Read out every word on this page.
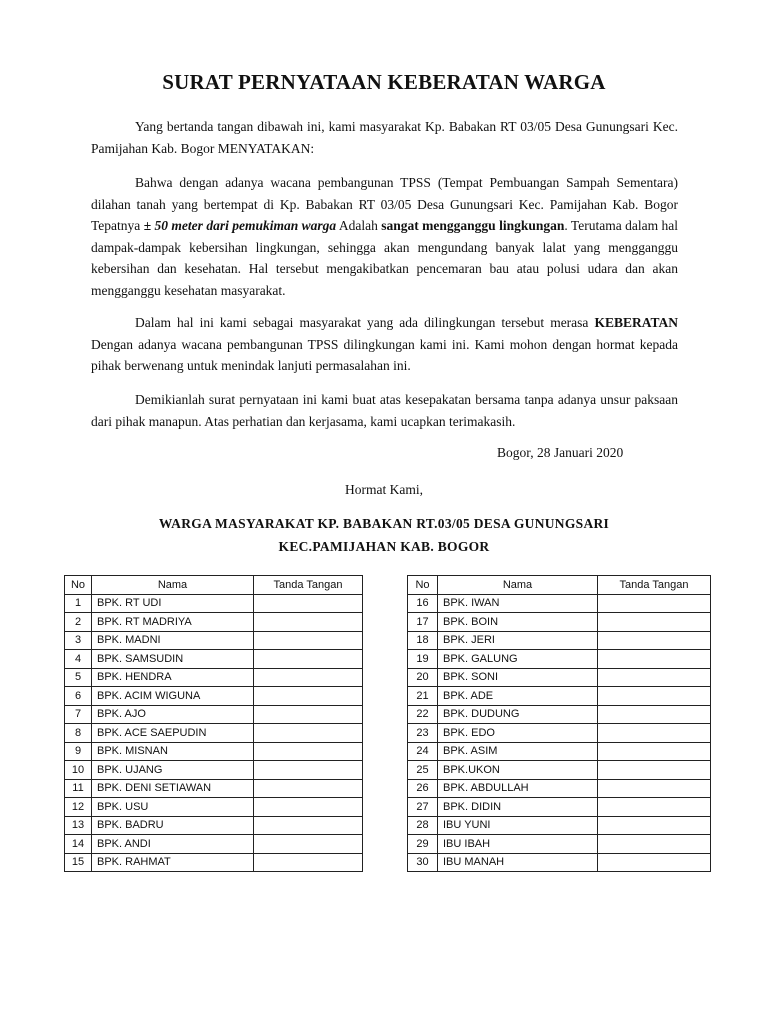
SURAT PERNYATAAN KEBERATAN WARGA

Yang bertanda tangan dibawah ini, kami masyarakat Kp. Babakan RT 03/05 Desa Gunungsari Kec. Pamijahan Kab. Bogor MENYATAKAN:

Bahwa dengan adanya wacana pembangunan TPSS (Tempat Pembuangan Sampah Sementara) dilahan tanah yang bertempat di Kp. Babakan RT 03/05 Desa Gunungsari Kec. Pamijahan Kab. Bogor Tepatnya ± 50 meter dari pemukiman warga Adalah sangat mengganggu lingkungan. Terutama dalam hal dampak-dampak kebersihan lingkungan, sehingga akan mengundang banyak lalat yang mengganggu kebersihan dan kesehatan. Hal tersebut mengakibatkan pencemaran bau atau polusi udara dan akan mengganggu kesehatan masyarakat.

Dalam hal ini kami sebagai masyarakat yang ada dilingkungan tersebut merasa KEBERATAN Dengan adanya wacana pembangunan TPSS dilingkungan kami ini. Kami mohon dengan hormat kepada pihak berwenang untuk menindak lanjuti permasalahan ini.

Demikianlah surat pernyataan ini kami buat atas kesepakatan bersama tanpa adanya unsur paksaan dari pihak manapun. Atas perhatian dan kerjasama, kami ucapkan terimakasih.

Bogor, 28 Januari 2020
Hormat Kami,
WARGA MASYARAKAT KP. BABAKAN RT.03/05 DESA GUNUNGSARI
KEC.PAMIJAHAN KAB. BOGOR
No	Nama	Tanda Tangan
1	BPK. RT UDI	
2	BPK. RT MADRIYA	
3	BPK. MADNI	
4	BPK. SAMSUDIN	
5	BPK. HENDRA	
6	BPK. ACIM WIGUNA	
7	BPK. AJO	
8	BPK. ACE SAEPUDIN	
9	BPK. MISNAN	
10	BPK. UJANG	
11	BPK. DENI SETIAWAN	
12	BPK. USU	
13	BPK. BADRU	
14	BPK. ANDI	
15	BPK. RAHMAT	
No	Nama	Tanda Tangan
16	BPK. IWAN	
17	BPK. BOIN	
18	BPK. JERI	
19	BPK. GALUNG	
20	BPK. SONI	
21	BPK. ADE	
22	BPK. DUDUNG	
23	BPK. EDO	
24	BPK. ASIM	
25	BPK.UKON	
26	BPK. ABDULLAH	
27	BPK. DIDIN	
28	IBU YUNI	
29	IBU IBAH	
30	IBU MANAH	
